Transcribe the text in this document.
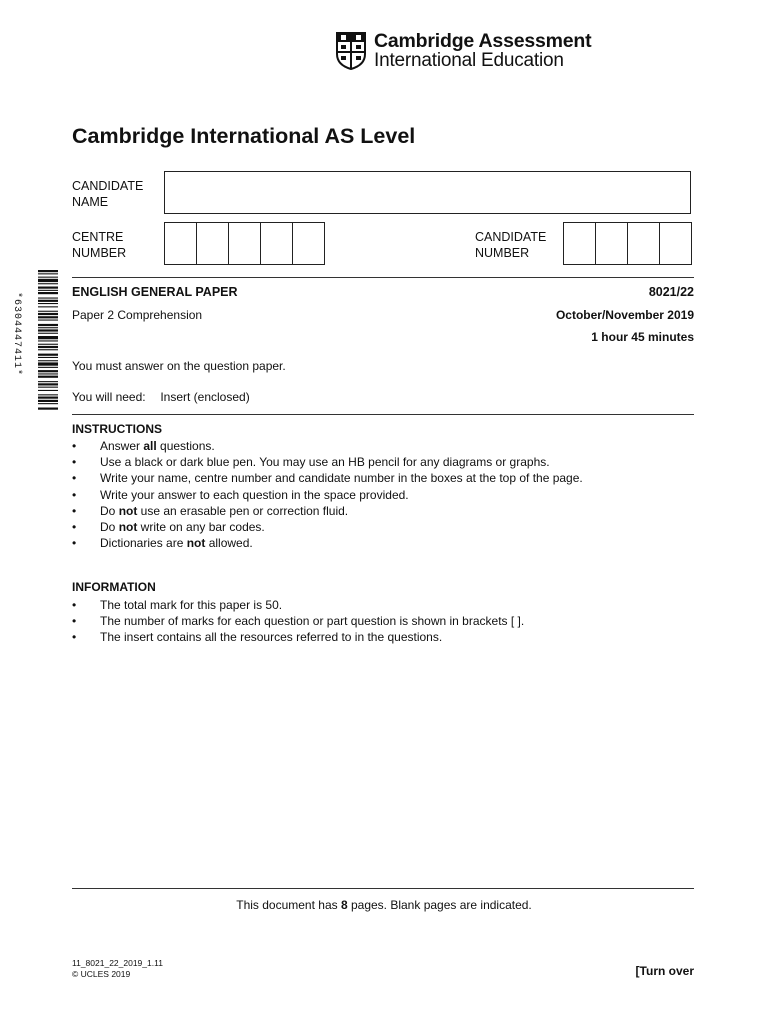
Cambridge Assessment
International Education
Cambridge International AS Level
CANDIDATE
NAME
CENTRE
NUMBER
CANDIDATE
NUMBER
*6304447411*	ENGLISH GENERAL PAPER	8021/22
Paper 2 Comprehension	October/November 2019
1 hour 45 minutes
You must answer on the question paper.
You will need: Insert (enclosed)
INSTRUCTIONS
• Answer all questions.
• Use a black or dark blue pen. You may use an HB pencil for any diagrams or graphs.
• Write your name, centre number and candidate number in the boxes at the top of the page.
• Write your answer to each question in the space provided.
• Do not use an erasable pen or correction fluid.
• Do not write on any bar codes.
• Dictionaries are not allowed.
INFORMATION
• The total mark for this paper is 50.
• The number of marks for each question or part question is shown in brackets [ ].
• The insert contains all the resources referred to in the questions.
This document has 8 pages. Blank pages are indicated.
11_8021_22_2019_1.11
© UCLES 2019	[Turn over
